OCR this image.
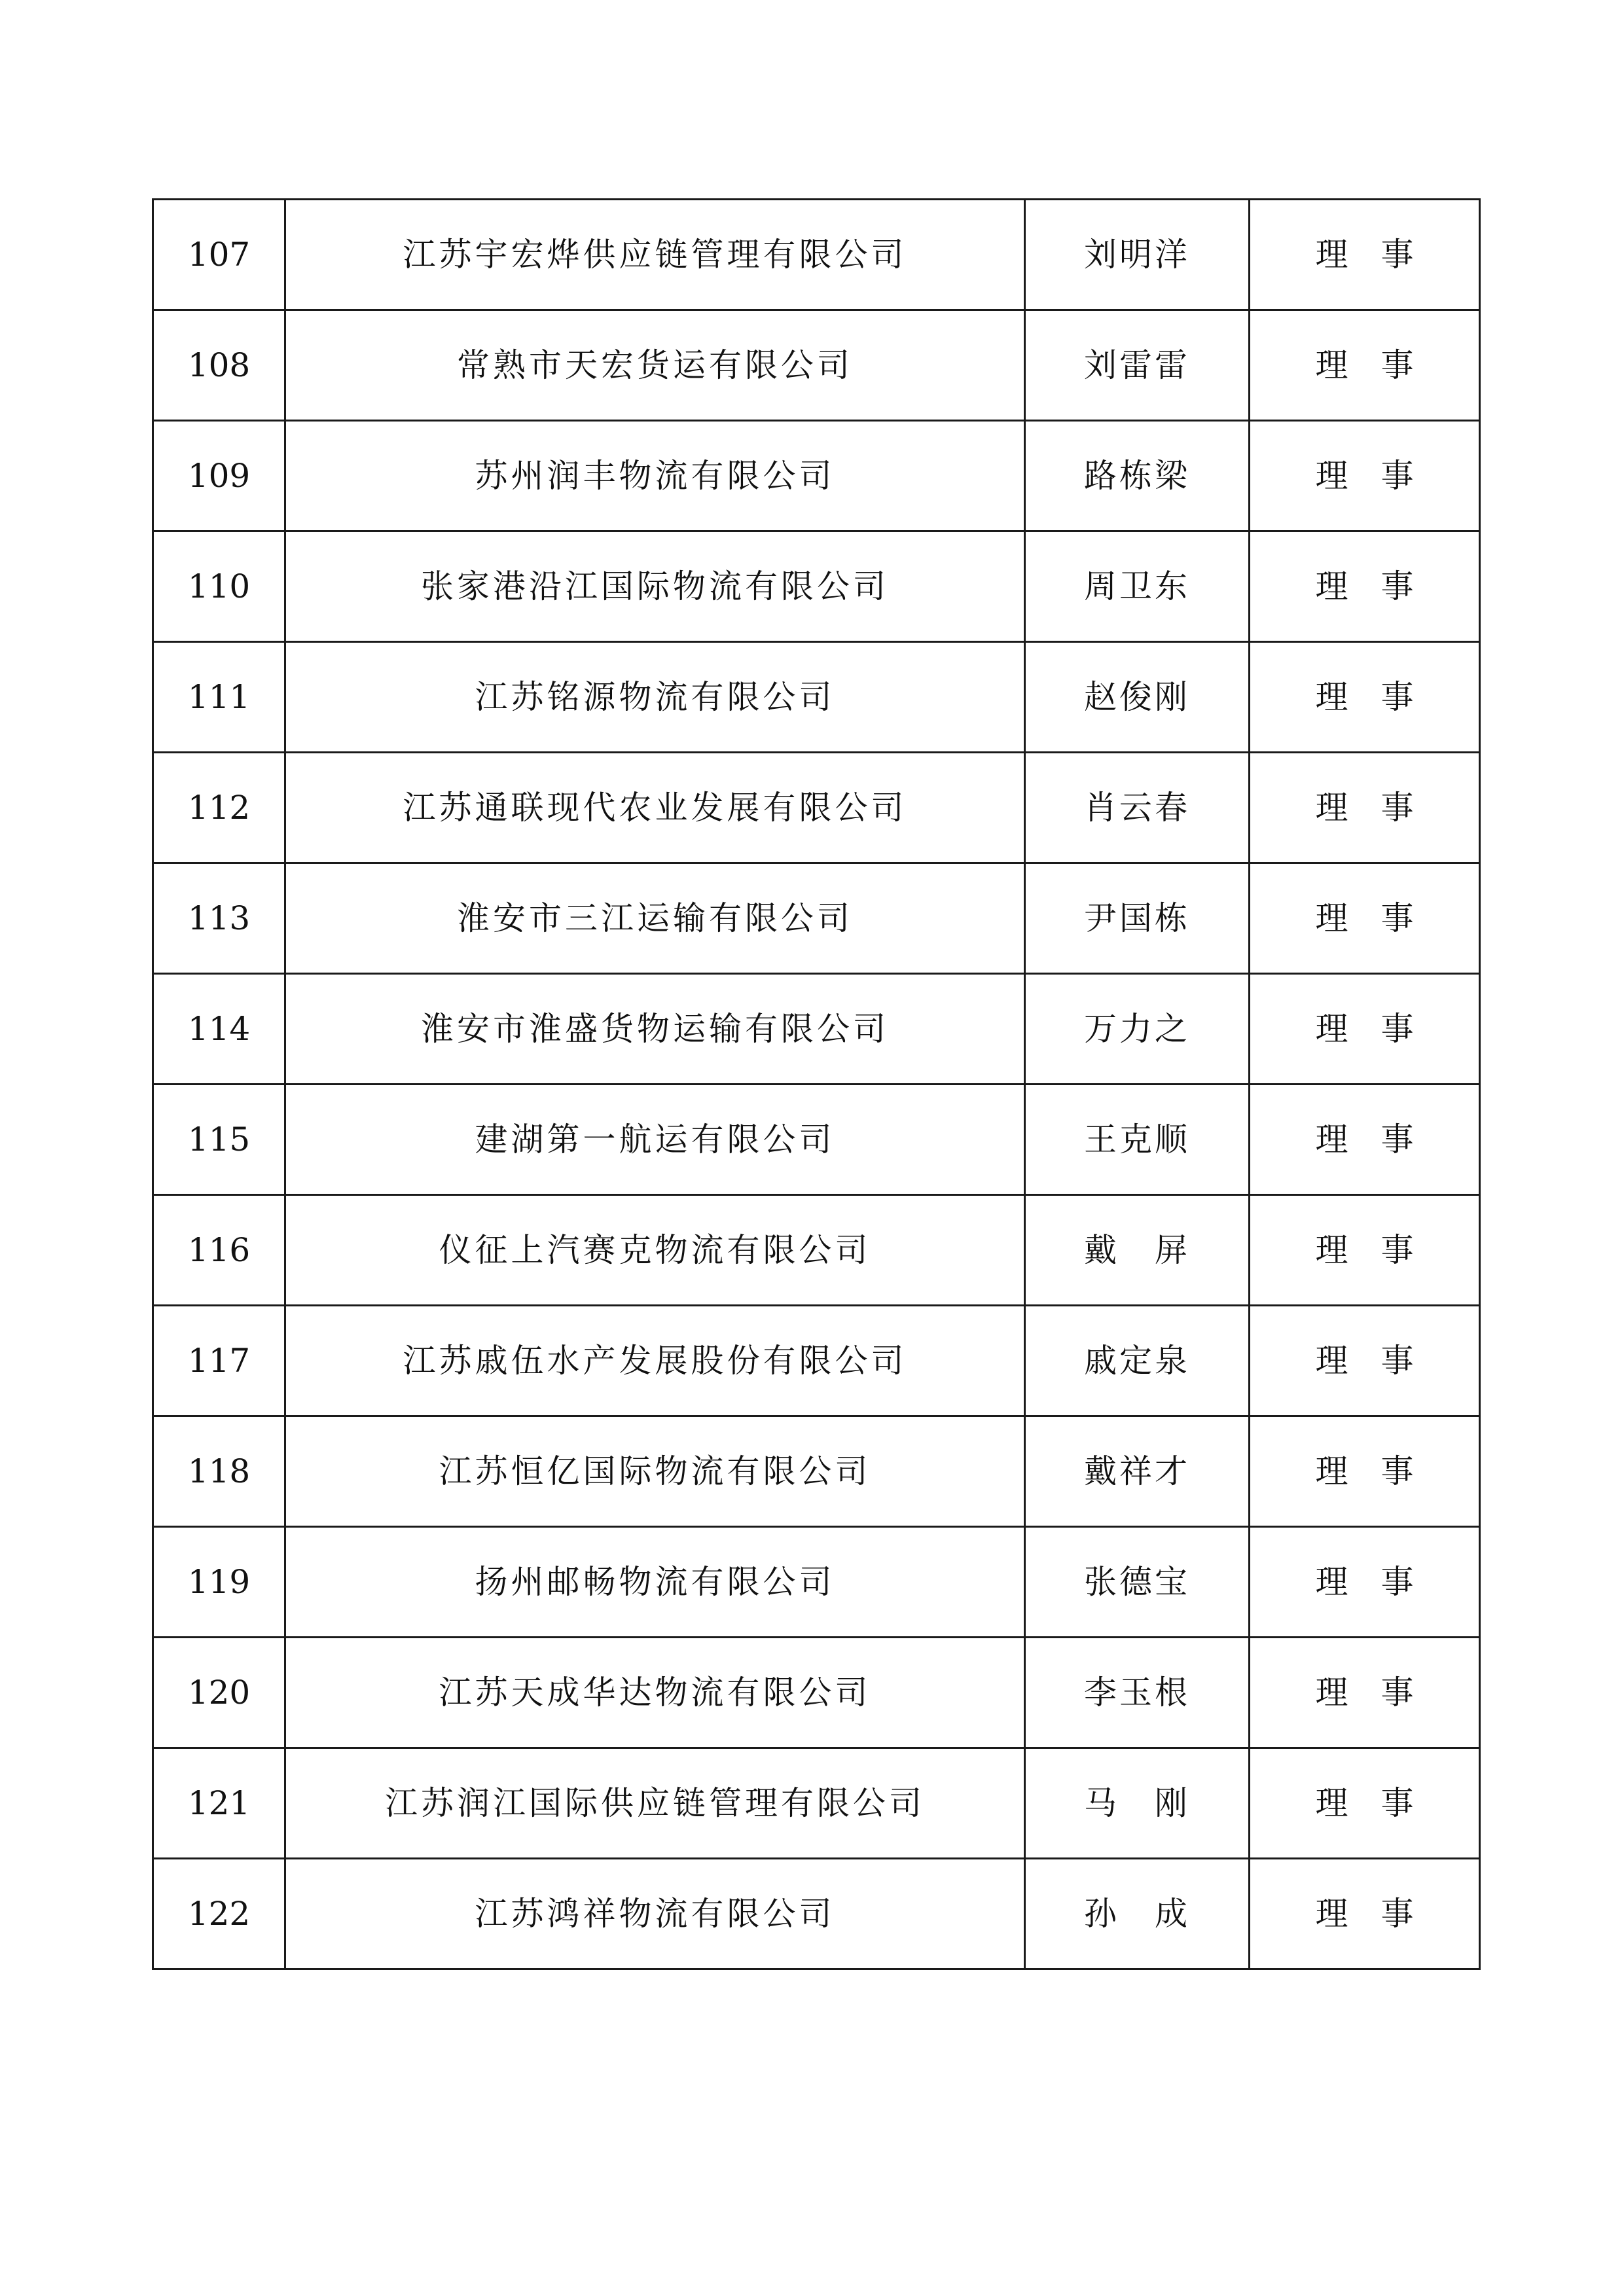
107	江苏宇宏烨供应链管理有限公司	刘明洋	理　事
108	常熟市天宏货运有限公司	刘雷雷	理　事
109	苏州润丰物流有限公司	路栋梁	理　事
110	张家港沿江国际物流有限公司	周卫东	理　事
111	江苏铭源物流有限公司	赵俊刚	理　事
112	江苏通联现代农业发展有限公司	肖云春	理　事
113	淮安市三江运输有限公司	尹国栋	理　事
114	淮安市淮盛货物运输有限公司	万力之	理　事
115	建湖第一航运有限公司	王克顺	理　事
116	仪征上汽赛克物流有限公司	戴　屏	理　事
117	江苏戚伍水产发展股份有限公司	戚定泉	理　事
118	江苏恒亿国际物流有限公司	戴祥才	理　事
119	扬州邮畅物流有限公司	张德宝	理　事
120	江苏天成华达物流有限公司	李玉根	理　事
121	江苏润江国际供应链管理有限公司	马　刚	理　事
122	江苏鸿祥物流有限公司	孙　成	理　事
